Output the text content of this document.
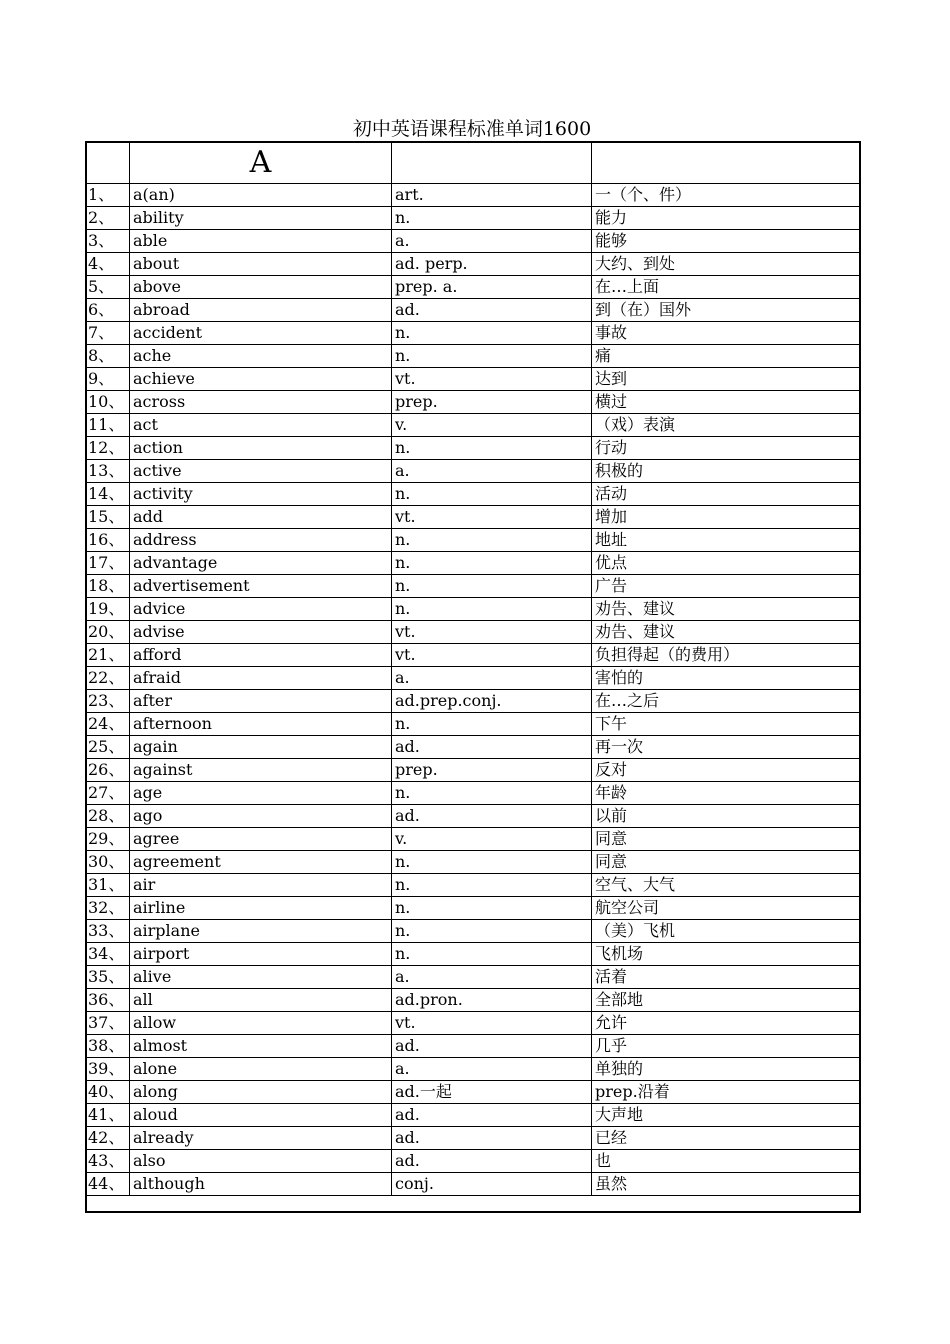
初中英语课程标准单词1600
	A		
1、	a(an)	art.	一（个、件）
2、	ability	n.	能力
3、	able	a.	能够
4、	about	ad. perp.	大约、到处
5、	above	prep. a.	在…上面
6、	abroad	ad.	到（在）国外
7、	accident	n.	事故
8、	ache	n.	痛
9、	achieve	vt.	达到
10、	across	prep.	横过
11、	act	v.	（戏）表演
12、	action	n.	行动
13、	active	a.	积极的
14、	activity	n.	活动
15、	add	vt.	增加
16、	address	n.	地址
17、	advantage	n.	优点
18、	advertisement	n.	广告
19、	advice	n.	劝告、建议
20、	advise	vt.	劝告、建议
21、	afford	vt.	负担得起（的费用）
22、	afraid	a.	害怕的
23、	after	ad.prep.conj.	在…之后
24、	afternoon	n.	下午
25、	again	ad.	再一次
26、	against	prep.	反对
27、	age	n.	年龄
28、	ago	ad.	以前
29、	agree	v.	同意
30、	agreement	n.	同意
31、	air	n.	空气、大气
32、	airline	n.	航空公司
33、	airplane	n.	（美）飞机
34、	airport	n.	飞机场
35、	alive	a.	活着
36、	all	ad.pron.	全部地
37、	allow	vt.	允许
38、	almost	ad.	几乎
39、	alone	a.	单独的
40、	along	ad.一起	prep.沿着
41、	aloud	ad.	大声地
42、	already	ad.	已经
43、	also	ad.	也
44、	although	conj.	虽然
